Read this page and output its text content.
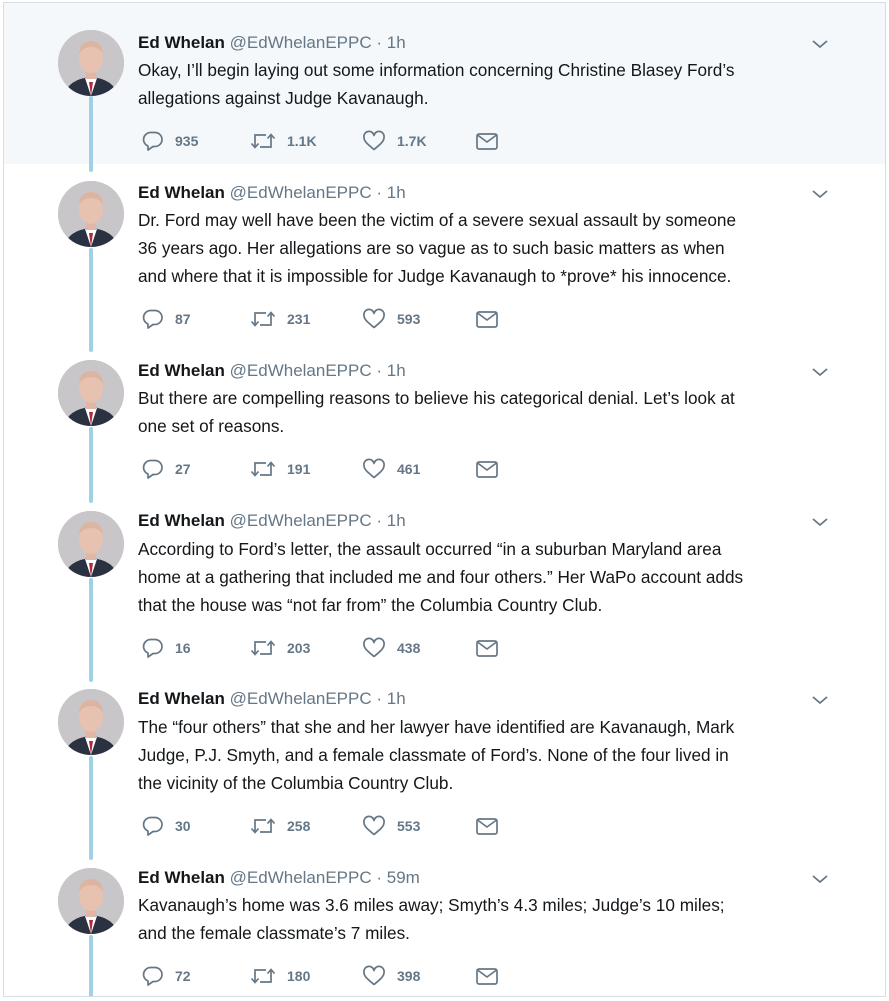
Ed Whelan @EdWhelanEPPC · 1h
Okay, I’ll begin laying out some information concerning Christine Blasey Ford’s
allegations against Judge Kavanaugh.
935	1.1K	1.7K
Ed Whelan @EdWhelanEPPC · 1h
Dr. Ford may well have been the victim of a severe sexual assault by someone
36 years ago. Her allegations are so vague as to such basic matters as when
and where that it is impossible for Judge Kavanaugh to *prove* his innocence.
87	231	593
Ed Whelan @EdWhelanEPPC · 1h
But there are compelling reasons to believe his categorical denial. Let’s look at
one set of reasons.
27	191	461
Ed Whelan @EdWhelanEPPC · 1h
According to Ford’s letter, the assault occurred “in a suburban Maryland area
home at a gathering that included me and four others.” Her WaPo account adds
that the house was “not far from” the Columbia Country Club.
16	203	438
Ed Whelan @EdWhelanEPPC · 1h
The “four others” that she and her lawyer have identified are Kavanaugh, Mark
Judge, P.J. Smyth, and a female classmate of Ford’s. None of the four lived in
the vicinity of the Columbia Country Club.
30	258	553
Ed Whelan @EdWhelanEPPC · 59m
Kavanaugh’s home was 3.6 miles away; Smyth’s 4.3 miles; Judge’s 10 miles;
and the female classmate’s 7 miles.
72	180	398
